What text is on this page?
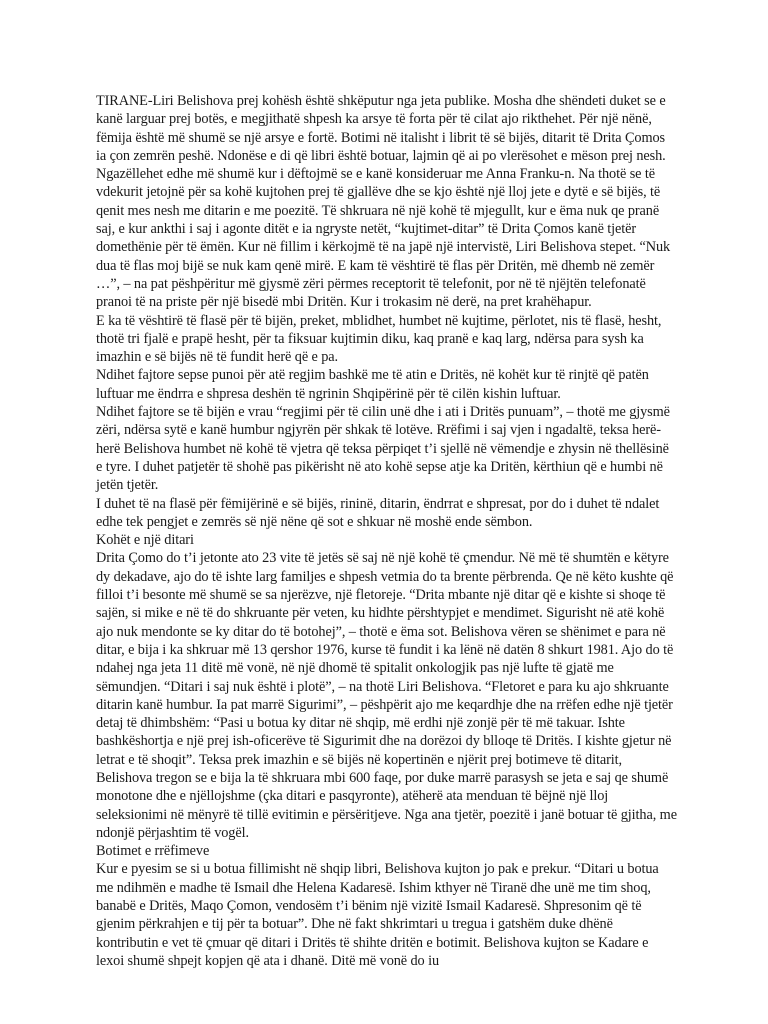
TIRANE-Liri Belishova prej kohësh është shkëputur nga jeta publike. Mosha dhe shëndeti duket se e kanë larguar prej botës, e megjithatë shpesh ka arsye të forta për të cilat ajo rikthehet. Për një nënë, fëmija është më shumë se një arsye e fortë. Botimi në italisht i librit të së bijës, ditarit të Drita Çomos ia çon zemrën peshë. Ndonëse e di që libri është botuar, lajmin që ai po vlerësohet e mëson prej nesh. Ngazëllehet edhe më shumë kur i dëftojmë se e kanë konsideruar me Anna Franku-n. Na thotë se të vdekurit jetojnë për sa kohë kujtohen prej të gjallëve dhe se kjo është një lloj jete e dytë e së bijës, të qenit mes nesh me ditarin e me poezitë. Të shkruara në një kohë të mjegullt, kur e ëma nuk qe pranë saj, e kur ankthi i saj i agonte ditët e ia ngryste netët, “kujtimet-ditar” të Drita Çomos kanë tjetër domethënie për të ëmën. Kur në fillim i kërkojmë të na japë një intervistë, Liri Belishova stepet. “Nuk dua të flas moj bijë se nuk kam qenë mirë. E kam të vështirë të flas për Dritën, më dhemb në zemër …”, – na pat pëshpëritur më gjysmë zëri përmes receptorit të telefonit, por në të njëjtën telefonatë pranoi të na priste për një bisedë mbi Dritën. Kur i trokasim në derë, na pret krahëhapur.

E ka të vështirë të flasë për të bijën, preket, mblidhet, humbet në kujtime, përlotet, nis të flasë, hesht, thotë tri fjalë e prapë hesht, për ta fiksuar kujtimin diku, kaq pranë e kaq larg, ndërsa para sysh ka imazhin e së bijës në të fundit herë që e pa.

Ndihet fajtore sepse punoi për atë regjim bashkë me të atin e Dritës, në kohët kur të rinjtë që patën luftuar me ëndrra e shpresa deshën të ngrinin Shqipërinë për të cilën kishin luftuar.

Ndihet fajtore se të bijën e vrau “regjimi për të cilin unë dhe i ati i Dritës punuam”, – thotë me gjysmë zëri, ndërsa sytë e kanë humbur ngjyrën për shkak të lotëve. Rrëfimi i saj vjen i ngadaltë, teksa herë-herë Belishova humbet në kohë të vjetra që teksa përpiqet t’i sjellë në vëmendje e zhysin në thellësinë e tyre. I duhet patjetër të shohë pas pikërisht në ato kohë sepse atje ka Dritën, kërthiun që e humbi në jetën tjetër.

I duhet të na flasë për fëmijërinë e së bijës, rininë, ditarin, ëndrrat e shpresat, por do i duhet të ndalet edhe tek pengjet e zemrës së një nëne që sot e shkuar në moshë ende sëmbon.

Kohët e një ditari

Drita Çomo do t’i jetonte ato 23 vite të jetës së saj në një kohë të çmendur. Në më të shumtën e këtyre dy dekadave, ajo do të ishte larg familjes e shpesh vetmia do ta brente përbrenda. Qe në këto kushte që filloi t’i besonte më shumë se sa njerëzve, një fletoreje. “Drita mbante një ditar që e kishte si shoqe të sajën, si mike e në të do shkruante për veten, ku hidhte përshtypjet e mendimet. Sigurisht në atë kohë ajo nuk mendonte se ky ditar do të botohej”, – thotë e ëma sot. Belishova vëren se shënimet e para në ditar, e bija i ka shkruar më 13 qershor 1976, kurse të fundit i ka lënë në datën 8 shkurt 1981. Ajo do të ndahej nga jeta 11 ditë më vonë, në një dhomë të spitalit onkologjik pas një lufte të gjatë me sëmundjen. “Ditari i saj nuk është i plotë”, – na thotë Liri Belishova. “Fletoret e para ku ajo shkruante ditarin kanë humbur. Ia pat marrë Sigurimi”, – pëshpërit ajo me keqardhje dhe na rrëfen edhe një tjetër detaj të dhimbshëm: “Pasi u botua ky ditar në shqip, më erdhi një zonjë për të më takuar. Ishte bashkëshortja e një prej ish-oficerëve të Sigurimit dhe na dorëzoi dy blloqe të Dritës. I kishte gjetur në letrat e të shoqit”. Teksa prek imazhin e së bijës në kopertinën e njërit prej botimeve të ditarit, Belishova tregon se e bija la të shkruara mbi 600 faqe, por duke marrë parasysh se jeta e saj qe shumë monotone dhe e njëllojshme (çka ditari e pasqyronte), atëherë ata menduan të bëjnë një lloj seleksionimi në mënyrë të tillë evitimin e përsëritjeve. Nga ana tjetër, poezitë i janë botuar të gjitha, me ndonjë përjashtim të vogël.

Botimet e rrëfimeve

Kur e pyesim se si u botua fillimisht në shqip libri, Belishova kujton jo pak e prekur. “Ditari u botua me ndihmën e madhe të Ismail dhe Helena Kadaresë. Ishim kthyer në Tiranë dhe unë me tim shoq, banabë e Dritës, Maqo Çomon, vendosëm t’i bënim një vizitë Ismail Kadaresë. Shpresonim që të gjenim përkrahjen e tij për ta botuar”. Dhe në fakt shkrimtari u tregua i gatshëm duke dhënë kontributin e vet të çmuar që ditari i Dritës të shihte dritën e botimit. Belishova kujton se Kadare e lexoi shumë shpejt kopjen që ata i dhanë. Ditë më vonë do iu
